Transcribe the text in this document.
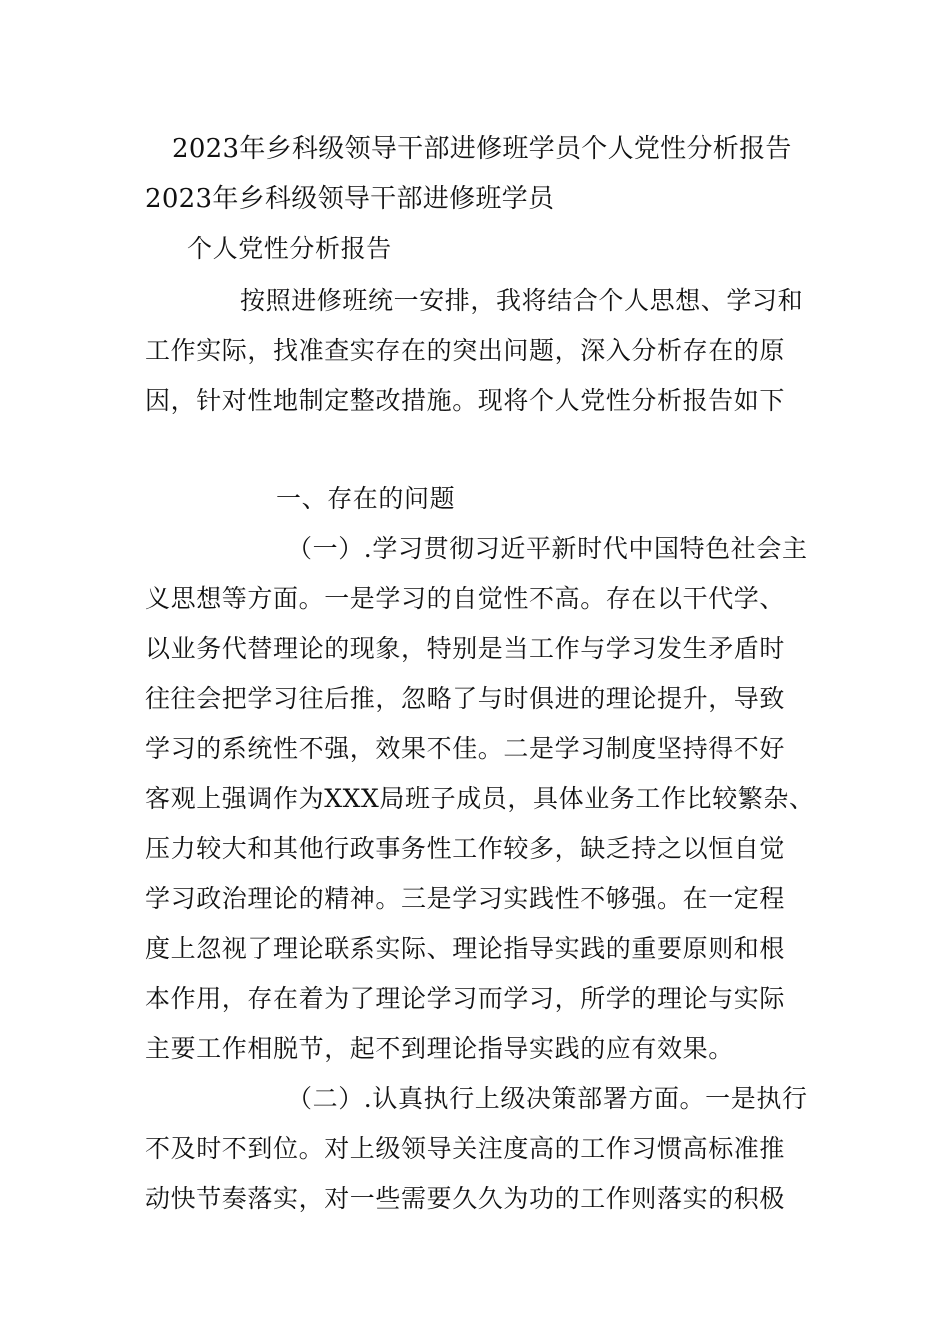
2023年乡科级领导干部进修班学员个人党性分析报告
2023年乡科级领导干部进修班学员
个人党性分析报告
按照进修班统一安排，我将结合个人思想、学习和
工作实际，找准查实存在的突出问题，深入分析存在的原
因，针对性地制定整改措施。现将个人党性分析报告如下
一、存在的问题
（一）.学习贯彻习近平新时代中国特色社会主
义思想等方面。一是学习的自觉性不高。存在以干代学、
以业务代替理论的现象，特别是当工作与学习发生矛盾时
往往会把学习往后推，忽略了与时俱进的理论提升，导致
学习的系统性不强，效果不佳。二是学习制度坚持得不好
客观上强调作为XXX局班子成员，具体业务工作比较繁杂、
压力较大和其他行政事务性工作较多，缺乏持之以恒自觉
学习政治理论的精神。三是学习实践性不够强。在一定程
度上忽视了理论联系实际、理论指导实践的重要原则和根
本作用，存在着为了理论学习而学习，所学的理论与实际
主要工作相脱节，起不到理论指导实践的应有效果。
（二）.认真执行上级决策部署方面。一是执行
不及时不到位。对上级领导关注度高的工作习惯高标准推
动快节奏落实，对一些需要久久为功的工作则落实的积极
